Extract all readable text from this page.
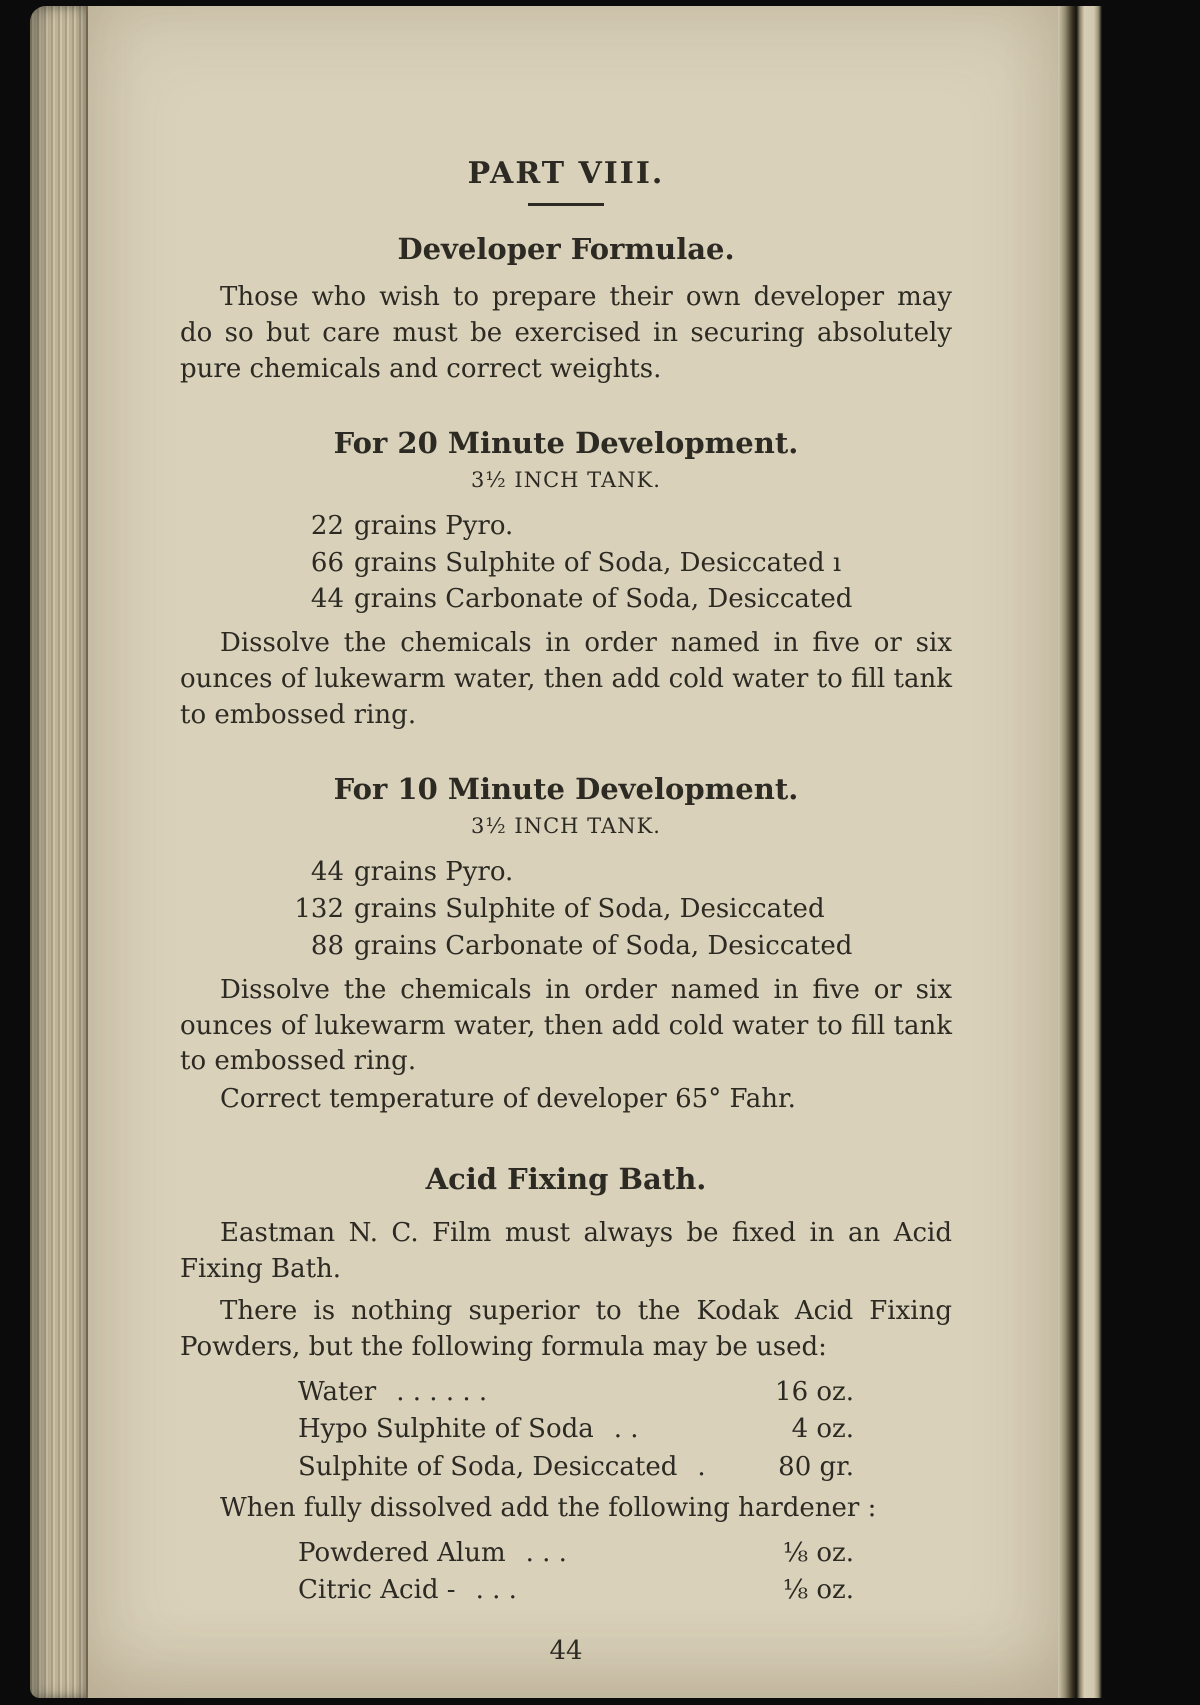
PART VIII.
Developer Formulae.

Those who wish to prepare their own developer may do so but care must be exercised in securing absolutely pure chemicals and correct weights.

For 20 Minute Development.
3½ INCH TANK.
22 grains Pyro.
66 grains Sulphite of Soda, Desiccated ı
44 grains Carbonate of Soda, Desiccated

Dissolve the chemicals in order named in five or six ounces of lukewarm water, then add cold water to fill tank to embossed ring.

For 10 Minute Development.
3½ INCH TANK.
44 grains Pyro.
132 grains Sulphite of Soda, Desiccated
88 grains Carbonate of Soda, Desiccated

Dissolve the chemicals in order named in five or six ounces of lukewarm water, then add cold water to fill tank to embossed ring.

Correct temperature of developer 65° Fahr.

Acid Fixing Bath.

Eastman N. C. Film must always be fixed in an Acid Fixing Bath.

There is nothing superior to the Kodak Acid Fixing Powders, but the following formula may be used:

Water . . . . . .	16 oz.
Hypo Sulphite of Soda . .	4 oz.
Sulphite of Soda, Desiccated .	80 gr.

When fully dissolved add the following hardener :

Powdered Alum . . .	⅛ oz.
Citric Acid - . . .	⅛ oz.
44
